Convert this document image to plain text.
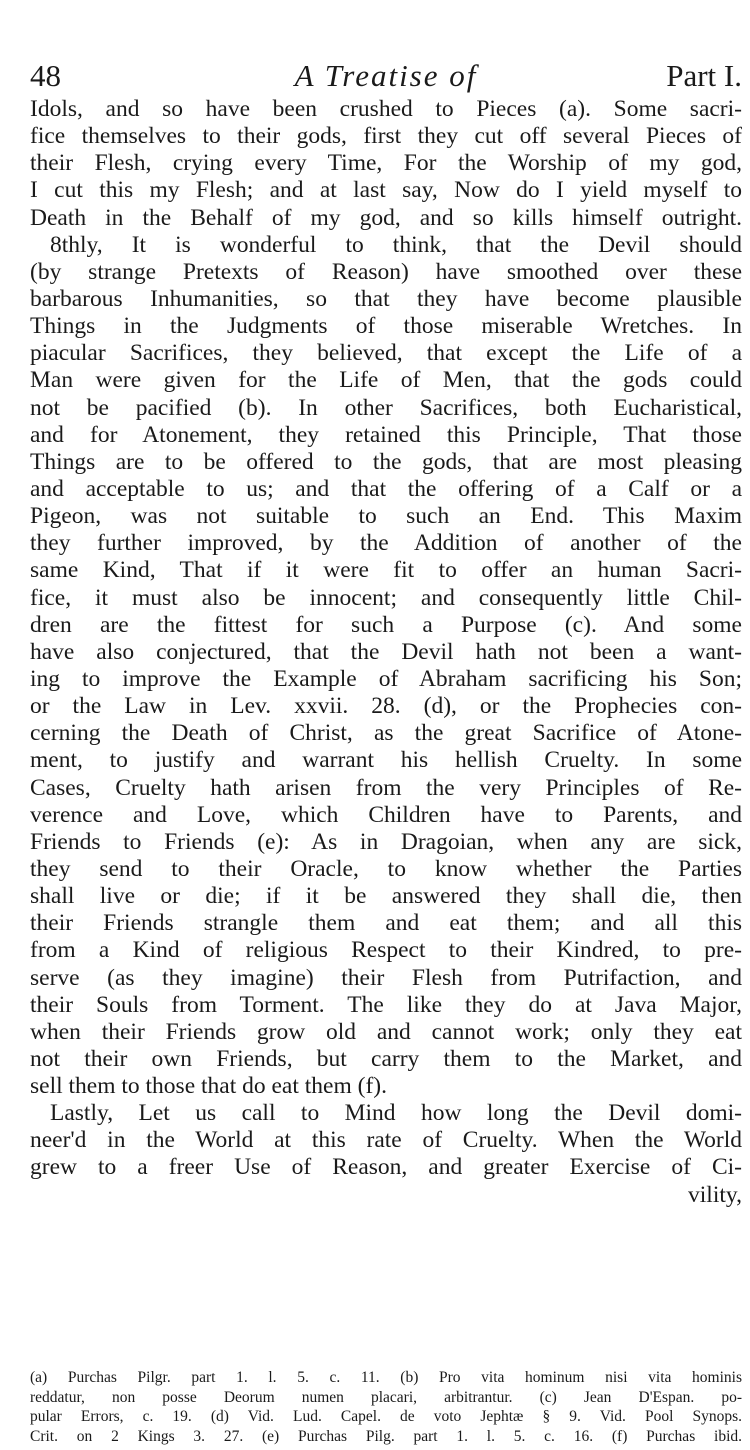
48	A Treatise of	Part I.
Idols, and so have been crushed to Pieces (a). Some sacri-
fice themselves to their gods, first they cut off several Pieces of
their Flesh, crying every Time, For the Worship of my god,
I cut this my Flesh; and at last say, Now do I yield myself to
Death in the Behalf of my god, and so kills himself outright.
8thly, It is wonderful to think, that the Devil should
(by strange Pretexts of Reason) have smoothed over these
barbarous Inhumanities, so that they have become plausible
Things in the Judgments of those miserable Wretches. In
piacular Sacrifices, they believed, that except the Life of a
Man were given for the Life of Men, that the gods could
not be pacified (b). In other Sacrifices, both Eucharistical,
and for Atonement, they retained this Principle, That those
Things are to be offered to the gods, that are most pleasing
and acceptable to us; and that the offering of a Calf or a
Pigeon, was not suitable to such an End. This Maxim
they further improved, by the Addition of another of the
same Kind, That if it were fit to offer an human Sacri-
fice, it must also be innocent; and consequently little Chil-
dren are the fittest for such a Purpose (c). And some
have also conjectured, that the Devil hath not been a want-
ing to improve the Example of Abraham sacrificing his Son;
or the Law in Lev. xxvii. 28. (d), or the Prophecies con-
cerning the Death of Christ, as the great Sacrifice of Atone-
ment, to justify and warrant his hellish Cruelty. In some
Cases, Cruelty hath arisen from the very Principles of Re-
verence and Love, which Children have to Parents, and
Friends to Friends (e): As in Dragoian, when any are sick,
they send to their Oracle, to know whether the Parties
shall live or die; if it be answered they shall die, then
their Friends strangle them and eat them; and all this
from a Kind of religious Respect to their Kindred, to pre-
serve (as they imagine) their Flesh from Putrifaction, and
their Souls from Torment. The like they do at Java Major,
when their Friends grow old and cannot work; only they eat
not their own Friends, but carry them to the Market, and
sell them to those that do eat them (f).
Lastly, Let us call to Mind how long the Devil domi-
neer'd in the World at this rate of Cruelty. When the World
grew to a freer Use of Reason, and greater Exercise of Ci-
vility,
(a) Purchas Pilgr. part 1. l. 5. c. 11. (b) Pro vita hominum nisi vita hominis
reddatur, non posse Deorum numen placari, arbitrantur. (c) Jean D'Espan. po-
pular Errors, c. 19. (d) Vid. Lud. Capel. de voto Jephtæ § 9. Vid. Pool Synops.
Crit. on 2 Kings 3. 27. (e) Purchas Pilg. part 1. l. 5. c. 16. (f) Purchas ibid.
